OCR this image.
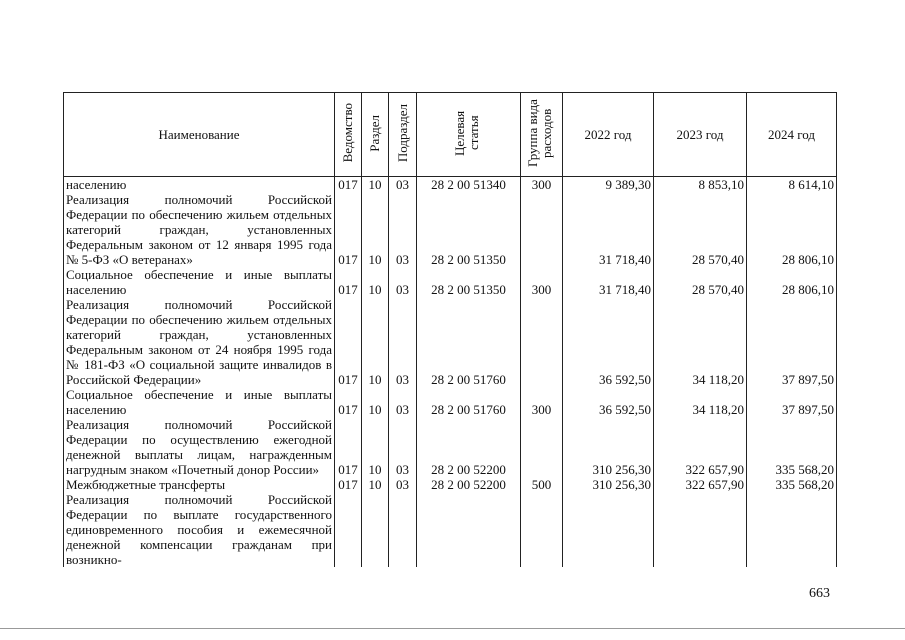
Наименование	Ведомство	Раздел	Подраздел	Целевая статья	Группа вида расходов	2022 год	2023 год	2024 год
населению	017	10	03	28 2 00 51340	300	9 389,30	8 853,10	8 614,10
Реализация полномочий Российской Федерации по обеспечению жильем отдельных категорий граждан, установленных Федеральным законом от 12 января 1995 года № 5-ФЗ «О ветеранах»	017	10	03	28 2 00 51350		31 718,40	28 570,40	28 806,10
Социальное обеспечение и иные выплаты населению	017	10	03	28 2 00 51350	300	31 718,40	28 570,40	28 806,10
Реализация полномочий Российской Федерации по обеспечению жильем отдельных категорий граждан, установленных Федеральным законом от 24 ноября 1995 года № 181-ФЗ «О социальной защите инвалидов в Российской Федерации»	017	10	03	28 2 00 51760		36 592,50	34 118,20	37 897,50
Социальное обеспечение и иные выплаты населению	017	10	03	28 2 00 51760	300	36 592,50	34 118,20	37 897,50
Реализация полномочий Российской Федерации по осуществлению ежегодной денежной выплаты лицам, награжденным нагрудным знаком «Почетный донор России»	017	10	03	28 2 00 52200		310 256,30	322 657,90	335 568,20
Межбюджетные трансферты	017	10	03	28 2 00 52200	500	310 256,30	322 657,90	335 568,20
Реализация полномочий Российской Федерации по выплате государственного единовременного пособия и ежемесячной денежной компенсации гражданам при возникно-								
663
